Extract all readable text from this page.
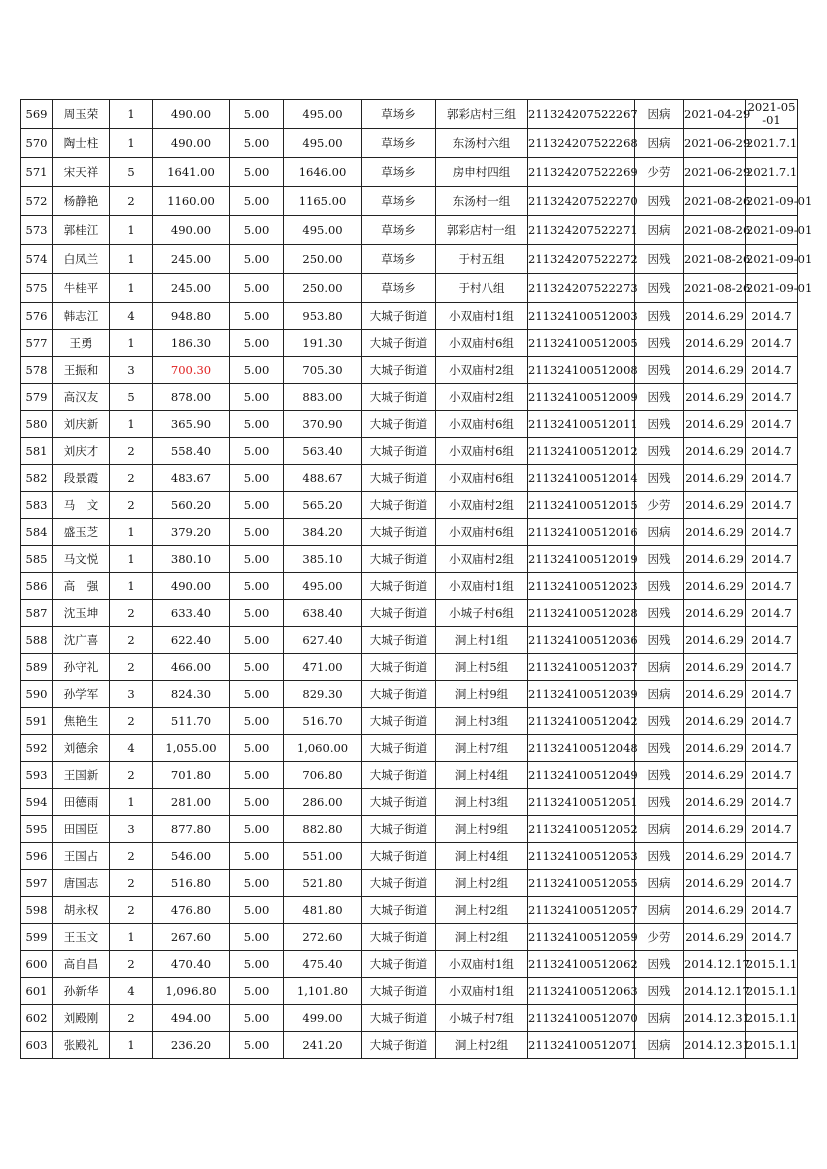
569	周玉荣	1	490.00	5.00	495.00	草场乡	郭彩店村三组	211324207522267	因病	2021-04-29	2021-05-01
570	陶士柱	1	490.00	5.00	495.00	草场乡	东汤村六组	211324207522268	因病	2021-06-29	2021.7.1
571	宋天祥	5	1641.00	5.00	1646.00	草场乡	房申村四组	211324207522269	少劳	2021-06-29	2021.7.1
572	杨静艳	2	1160.00	5.00	1165.00	草场乡	东汤村一组	211324207522270	因残	2021-08-26	2021-09-01
573	郭桂江	1	490.00	5.00	495.00	草场乡	郭彩店村一组	211324207522271	因病	2021-08-26	2021-09-01
574	白凤兰	1	245.00	5.00	250.00	草场乡	于村五组	211324207522272	因残	2021-08-26	2021-09-01
575	牛桂平	1	245.00	5.00	250.00	草场乡	于村八组	211324207522273	因残	2021-08-26	2021-09-01
576	韩志江	4	948.80	5.00	953.80	大城子街道	小双庙村1组	211324100512003	因残	2014.6.29	2014.7
577	王勇	1	186.30	5.00	191.30	大城子街道	小双庙村6组	211324100512005	因残	2014.6.29	2014.7
578	王振和	3	700.30	5.00	705.30	大城子街道	小双庙村2组	211324100512008	因残	2014.6.29	2014.7
579	高汉友	5	878.00	5.00	883.00	大城子街道	小双庙村2组	211324100512009	因残	2014.6.29	2014.7
580	刘庆新	1	365.90	5.00	370.90	大城子街道	小双庙村6组	211324100512011	因残	2014.6.29	2014.7
581	刘庆才	2	558.40	5.00	563.40	大城子街道	小双庙村6组	211324100512012	因残	2014.6.29	2014.7
582	段景霞	2	483.67	5.00	488.67	大城子街道	小双庙村6组	211324100512014	因残	2014.6.29	2014.7
583	马　文	2	560.20	5.00	565.20	大城子街道	小双庙村2组	211324100512015	少劳	2014.6.29	2014.7
584	盛玉芝	1	379.20	5.00	384.20	大城子街道	小双庙村6组	211324100512016	因病	2014.6.29	2014.7
585	马文悦	1	380.10	5.00	385.10	大城子街道	小双庙村2组	211324100512019	因残	2014.6.29	2014.7
586	高　强	1	490.00	5.00	495.00	大城子街道	小双庙村1组	211324100512023	因残	2014.6.29	2014.7
587	沈玉坤	2	633.40	5.00	638.40	大城子街道	小城子村6组	211324100512028	因残	2014.6.29	2014.7
588	沈广喜	2	622.40	5.00	627.40	大城子街道	洞上村1组	211324100512036	因残	2014.6.29	2014.7
589	孙守礼	2	466.00	5.00	471.00	大城子街道	洞上村5组	211324100512037	因病	2014.6.29	2014.7
590	孙学军	3	824.30	5.00	829.30	大城子街道	洞上村9组	211324100512039	因病	2014.6.29	2014.7
591	焦艳生	2	511.70	5.00	516.70	大城子街道	洞上村3组	211324100512042	因残	2014.6.29	2014.7
592	刘德余	4	1,055.00	5.00	1,060.00	大城子街道	洞上村7组	211324100512048	因残	2014.6.29	2014.7
593	王国新	2	701.80	5.00	706.80	大城子街道	洞上村4组	211324100512049	因残	2014.6.29	2014.7
594	田德雨	1	281.00	5.00	286.00	大城子街道	洞上村3组	211324100512051	因残	2014.6.29	2014.7
595	田国臣	3	877.80	5.00	882.80	大城子街道	洞上村9组	211324100512052	因病	2014.6.29	2014.7
596	王国占	2	546.00	5.00	551.00	大城子街道	洞上村4组	211324100512053	因残	2014.6.29	2014.7
597	唐国志	2	516.80	5.00	521.80	大城子街道	洞上村2组	211324100512055	因病	2014.6.29	2014.7
598	胡永权	2	476.80	5.00	481.80	大城子街道	洞上村2组	211324100512057	因病	2014.6.29	2014.7
599	王玉文	1	267.60	5.00	272.60	大城子街道	洞上村2组	211324100512059	少劳	2014.6.29	2014.7
600	高自昌	2	470.40	5.00	475.40	大城子街道	小双庙村1组	211324100512062	因残	2014.12.17	2015.1.1
601	孙新华	4	1,096.80	5.00	1,101.80	大城子街道	小双庙村1组	211324100512063	因残	2014.12.17	2015.1.1
602	刘殿刚	2	494.00	5.00	499.00	大城子街道	小城子村7组	211324100512070	因病	2014.12.31	2015.1.1
603	张殿礼	1	236.20	5.00	241.20	大城子街道	洞上村2组	211324100512071	因病	2014.12.31	2015.1.1
